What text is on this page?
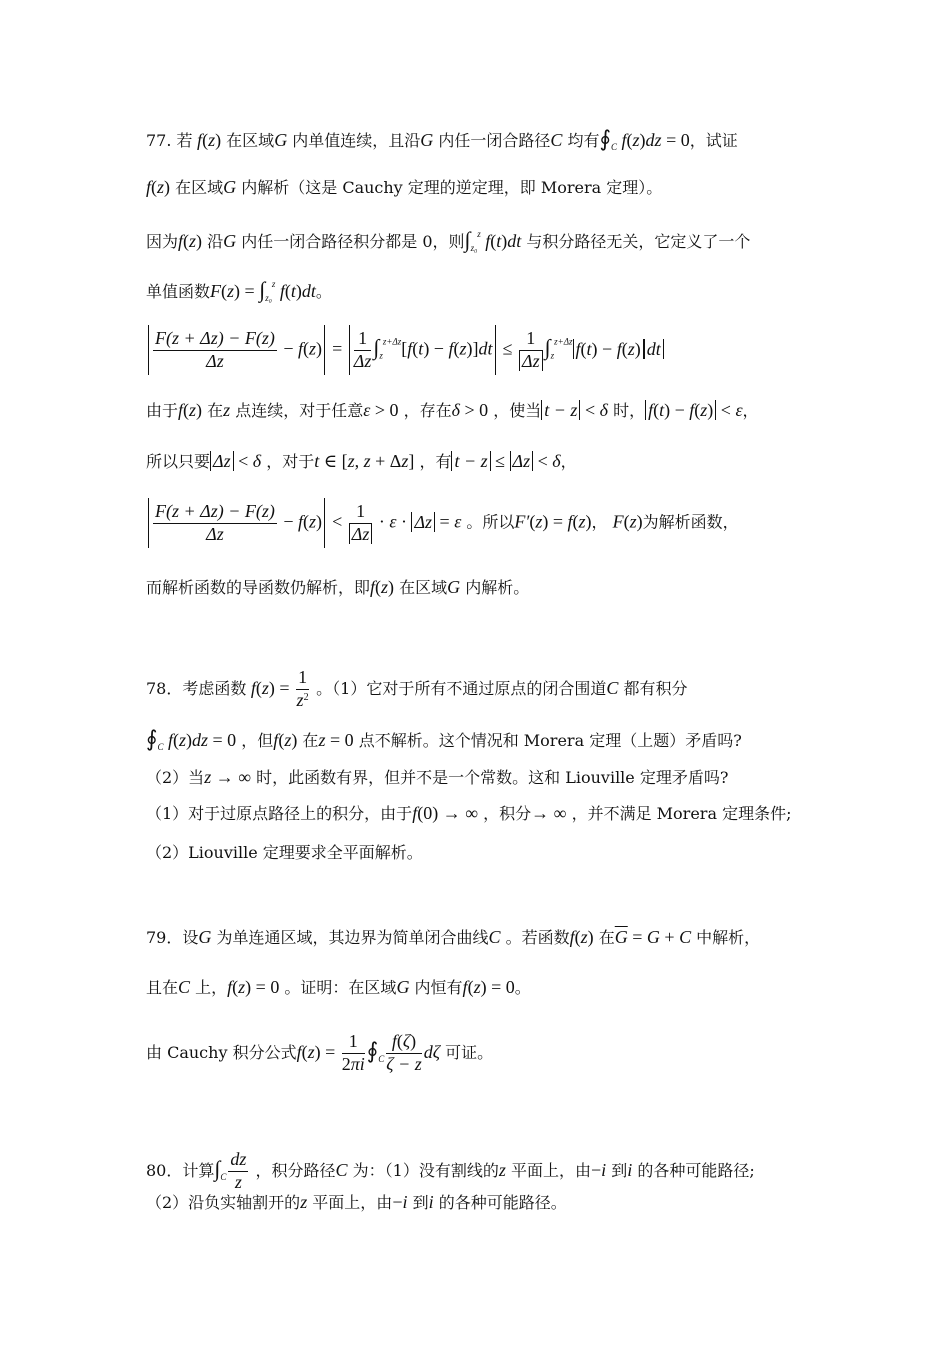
77. 若 f(z) 在区域G 内单值连续，且沿G 内任一闭合路径C 均有$∮_C$ f(z)dz = 0，试证
f(z) 在区域G 内解析（这是 Cauchy 定理的逆定理，即 Morera 定理）。
因为f(z) 沿G 内任一闭合路径积分都是 0，则$\int_{z_0}^z$ f(t)dt 与积分路径无关，它定义了一个
单值函数$F(z) = \int_{z_0}^z$ f(t)dt。
$\frac{F(z + \Delta z) - F(z)}{\Delta z} - f(z) = \frac{1}{\Delta z} \int_z^{z+\Delta z}[f(t) - f(z)]dt \le \frac{1}{\Delta z} \int_z^{z+\Delta z}$ f(t) − f(z) dt
由于f(z) 在z 点连续，对于任意ε > 0 ，存在δ > 0 ，使当 t − z < δ 时， f(t) − f(z) < ε，
所以只要 Δz < δ ，对于t ∈ [z, z + Δz] ，有 t − z ≤ Δz < δ，
$\frac{F(z + \Delta z) - F(z)}{\Delta z} - f(z) < \frac{1}{\Delta z} \cdot \varepsilon \cdot \Delta z = \varepsilon$ 。所以F′(z) = f(z)， F(z)为解析函数，
而解析函数的导函数仍解析，即f(z) 在区域G 内解析。
78．考虑函数 $f(z) = \frac{1}{z^2}$ 。（1）它对于所有不通过原点的闭合围道C 都有积分
$∮_C$ f(z)dz = 0 ，但f(z) 在z = 0 点不解析。这个情况和 Morera 定理（上题）矛盾吗?
（2）当z → ∞ 时，此函数有界，但并不是一个常数。这和 Liouville 定理矛盾吗?
（1）对于过原点路径上的积分，由于f(0) → ∞ ，积分→ ∞ ，并不满足 Morera 定理条件;
（2）Liouville 定理要求全平面解析。
79．设G 为单连通区域，其边界为简单闭合曲线C 。若函数f(z) 在$\overline{G} = G + C$ 中解析，
且在C 上，f(z) = 0 。证明：在区域G 内恒有f(z) = 0。
由 Cauchy 积分公式$f(z) = \frac{1}{2\pi i}$ $∮_C \frac{f(\zeta)}{\zeta - z}$ dζ 可证。
80．计算$\int_C \frac{dz}{z}$ ，积分路径C 为：（1）没有割线的z 平面上，由−i 到i 的各种可能路径;
（2）沿负实轴割开的z 平面上，由−i 到i 的各种可能路径。
